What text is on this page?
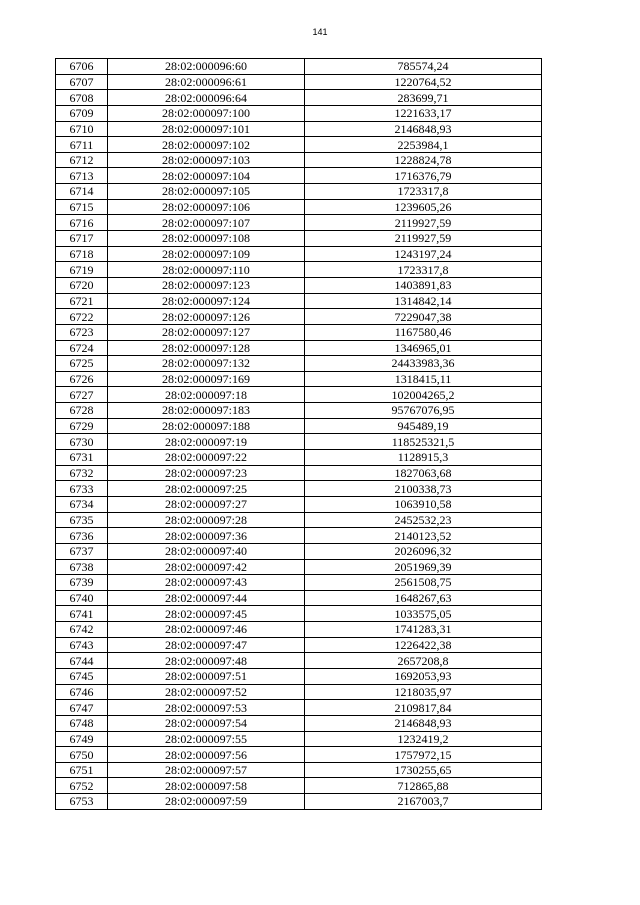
141
6706	28:02:000096:60	785574,24
6707	28:02:000096:61	1220764,52
6708	28:02:000096:64	283699,71
6709	28:02:000097:100	1221633,17
6710	28:02:000097:101	2146848,93
6711	28:02:000097:102	2253984,1
6712	28:02:000097:103	1228824,78
6713	28:02:000097:104	1716376,79
6714	28:02:000097:105	1723317,8
6715	28:02:000097:106	1239605,26
6716	28:02:000097:107	2119927,59
6717	28:02:000097:108	2119927,59
6718	28:02:000097:109	1243197,24
6719	28:02:000097:110	1723317,8
6720	28:02:000097:123	1403891,83
6721	28:02:000097:124	1314842,14
6722	28:02:000097:126	7229047,38
6723	28:02:000097:127	1167580,46
6724	28:02:000097:128	1346965,01
6725	28:02:000097:132	24433983,36
6726	28:02:000097:169	1318415,11
6727	28:02:000097:18	102004265,2
6728	28:02:000097:183	95767076,95
6729	28:02:000097:188	945489,19
6730	28:02:000097:19	118525321,5
6731	28:02:000097:22	1128915,3
6732	28:02:000097:23	1827063,68
6733	28:02:000097:25	2100338,73
6734	28:02:000097:27	1063910,58
6735	28:02:000097:28	2452532,23
6736	28:02:000097:36	2140123,52
6737	28:02:000097:40	2026096,32
6738	28:02:000097:42	2051969,39
6739	28:02:000097:43	2561508,75
6740	28:02:000097:44	1648267,63
6741	28:02:000097:45	1033575,05
6742	28:02:000097:46	1741283,31
6743	28:02:000097:47	1226422,38
6744	28:02:000097:48	2657208,8
6745	28:02:000097:51	1692053,93
6746	28:02:000097:52	1218035,97
6747	28:02:000097:53	2109817,84
6748	28:02:000097:54	2146848,93
6749	28:02:000097:55	1232419,2
6750	28:02:000097:56	1757972,15
6751	28:02:000097:57	1730255,65
6752	28:02:000097:58	712865,88
6753	28:02:000097:59	2167003,7
